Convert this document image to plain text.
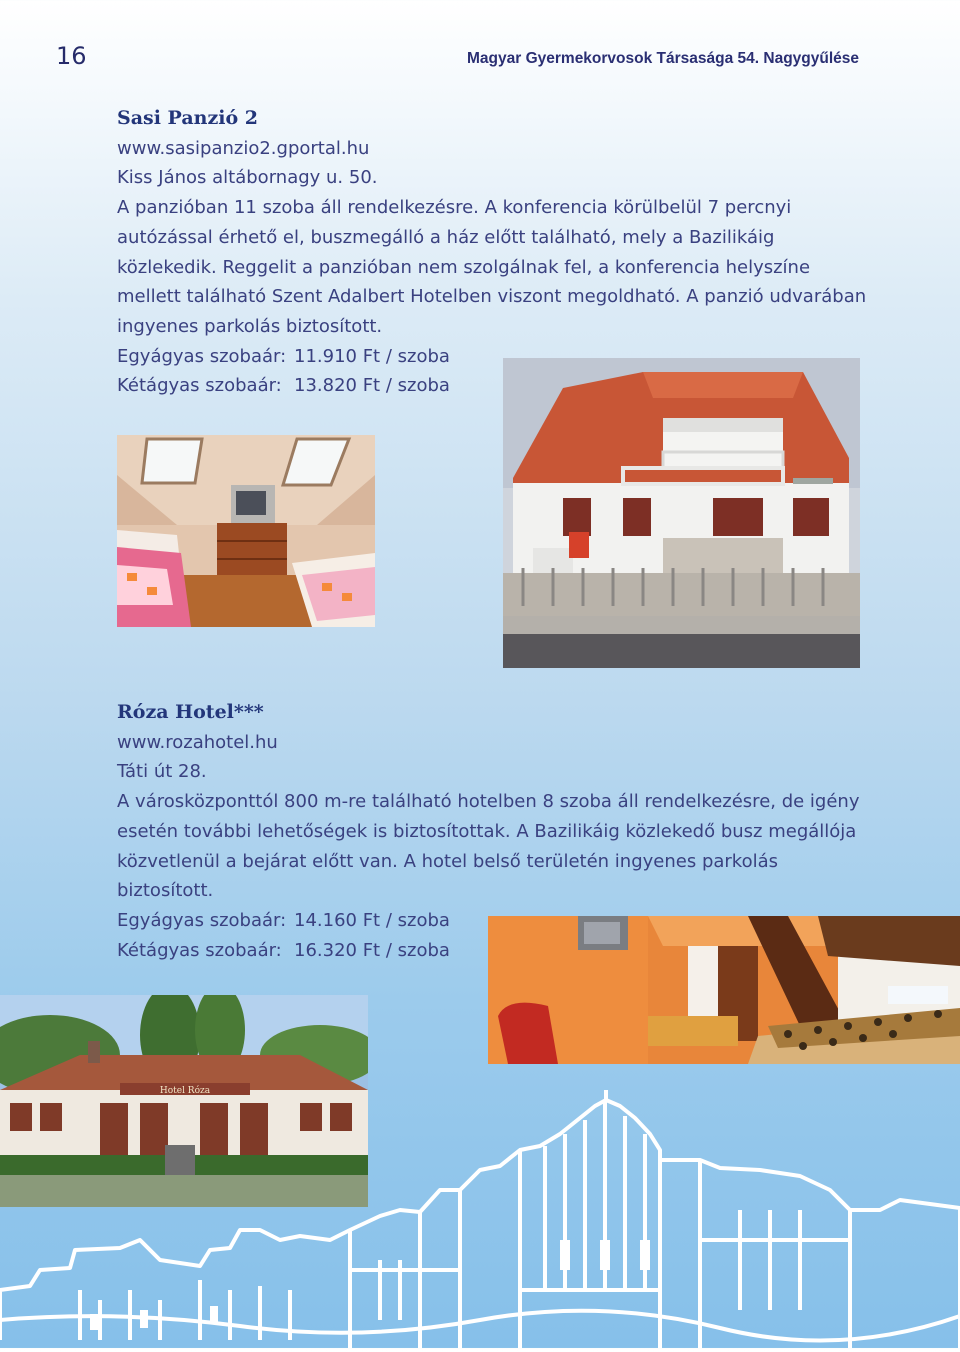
16	Magyar Gyermekorvosok Társasága 54. Nagygyűlése
Sasi Panzió 2
www.sasipanzio2.gportal.hu
Kiss János altábornagy u. 50.

A panzióban 11 szoba áll rendelkezésre. A konferencia körülbelül 7 percnyi autózással érhető el, buszmegálló a ház előtt található, mely a Bazilikáig közlekedik. Reggelit a panzióban nem szolgálnak fel, a konferencia helyszíne mellett található Szent Adalbert Hotelben viszont megoldható. A panzió udvarában ingyenes parkolás biztosított.

Egyágyas szobaár: 11.910 Ft / szoba
Kétágyas szobaár: 13.820 Ft / szoba
Róza Hotel***
www.rozahotel.hu
Táti út 28.

A városközponttól 800 m-re található hotelben 8 szoba áll rendelkezésre, de igény esetén további lehetőségek is biztosítottak. A Bazilikáig közlekedő busz megállója közvetlenül a bejárat előtt van. A hotel belső területén ingyenes parkolás biztosított.

Egyágyas szobaár: 14.160 Ft / szoba
Kétágyas szobaár: 16.320 Ft / szoba
Hotel Róza
